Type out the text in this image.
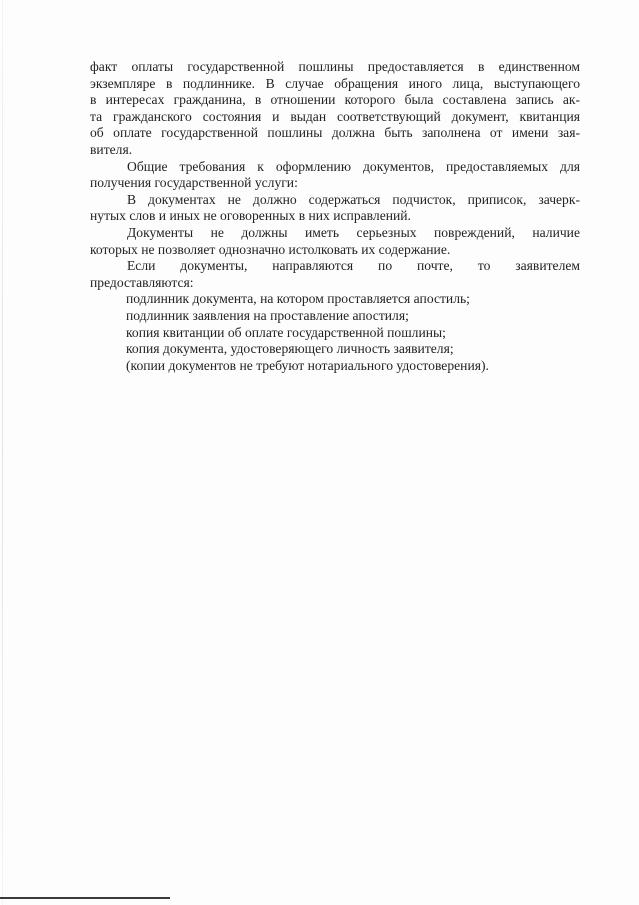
факт оплаты государственной пошлины предоставляется в единственном
экземпляре в подлиннике. В случае обращения иного лица, выступающего
в интересах гражданина, в отношении которого была составлена запись ак-
та гражданского состояния и выдан соответствующий документ, квитанция
об оплате государственной пошлины должна быть заполнена от имени зая-
вителя.
Общие требования к оформлению документов, предоставляемых для
получения государственной услуги:
В документах не должно содержаться подчисток, приписок, зачерк-
нутых слов и иных не оговоренных в них исправлений.
Документы не должны иметь серьезных повреждений, наличие
которых не позволяет однозначно истолковать их содержание.
Если документы, направляются по почте, то заявителем
предоставляются:
подлинник документа, на котором проставляется апостиль;
подлинник заявления на проставление апостиля;
копия квитанции об оплате государственной пошлины;
копия документа, удостоверяющего личность заявителя;
(копии документов не требуют нотариального удостоверения).
